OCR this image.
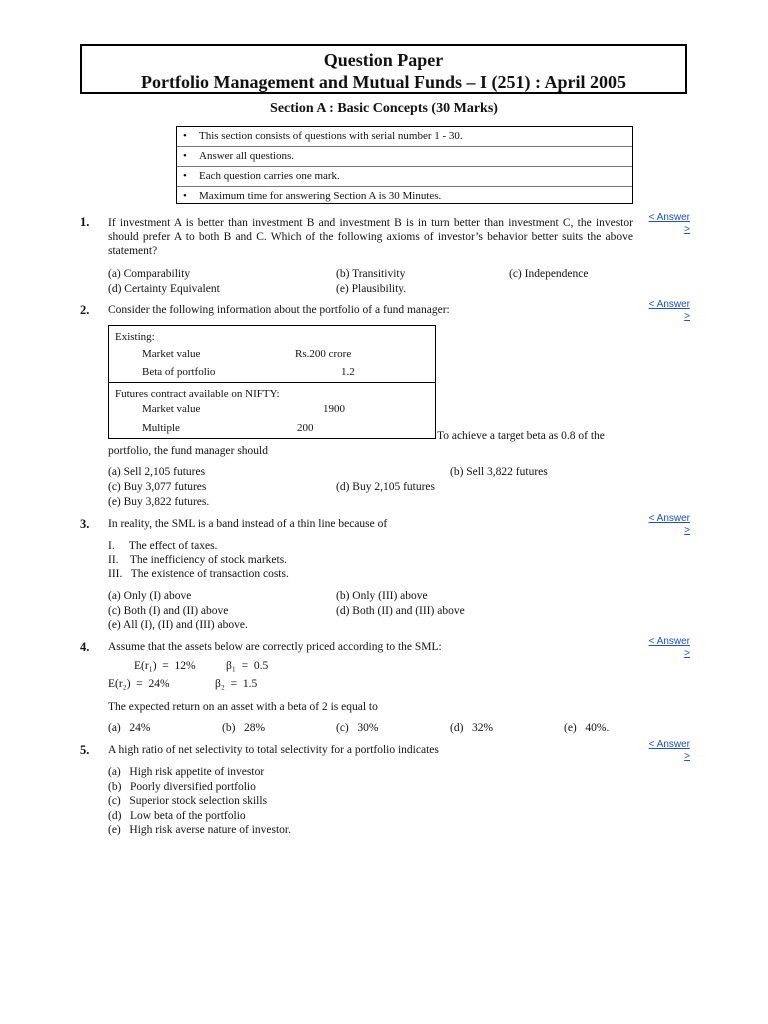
Question Paper
Portfolio Management and Mutual Funds – I (251) : April 2005
Section A : Basic Concepts (30 Marks)
• This section consists of questions with serial number 1 - 30.
• Answer all questions.
• Each question carries one mark.
• Maximum time for answering Section A is 30 Minutes.
1. If investment A is better than investment B and investment B is in turn better than investment C, the investor should prefer A to both B and C. Which of the following axioms of investor’s behavior better suits the above statement?
< Answer
>
(a) Comparability	(b) Transitivity	(c) Independence
(d) Certainty Equivalent	(e) Plausibility.
2. Consider the following information about the portfolio of a fund manager:	< Answer
>
Existing:
Market value	Rs.200 crore
Beta of portfolio	1.2
Futures contract available on NIFTY:
Market value	1900
Multiple	200
To achieve a target beta as 0.8 of the
portfolio, the fund manager should
(a) Sell 2,105 futures	(b) Sell 3,822 futures
(c) Buy 3,077 futures	(d) Buy 2,105 futures
(e) Buy 3,822 futures.
3. In reality, the SML is a band instead of a thin line because of	< Answer
>
I.     The effect of taxes.
II.    The inefficiency of stock markets.
III.   The existence of transaction costs.
(a) Only (I) above	(b) Only (III) above
(c) Both (I) and (II) above	(d) Both (II) and (III) above
(e) All (I), (II) and (III) above.
4. Assume that the assets below are correctly priced according to the SML:	< Answer
>
E(r₁)  =  12%	β₁  =  0.5
E(r₂)  =  24%	β₂  =  1.5
The expected return on an asset with a beta of 2 is equal to
(a)   24%	(b)   28%	(c)   30%	(d)   32%	(e)   40%.
5. A high ratio of net selectivity to total selectivity for a portfolio indicates	< Answer
>
(a)   High risk appetite of investor
(b)   Poorly diversified portfolio
(c)   Superior stock selection skills
(d)   Low beta of the portfolio
(e)   High risk averse nature of investor.
